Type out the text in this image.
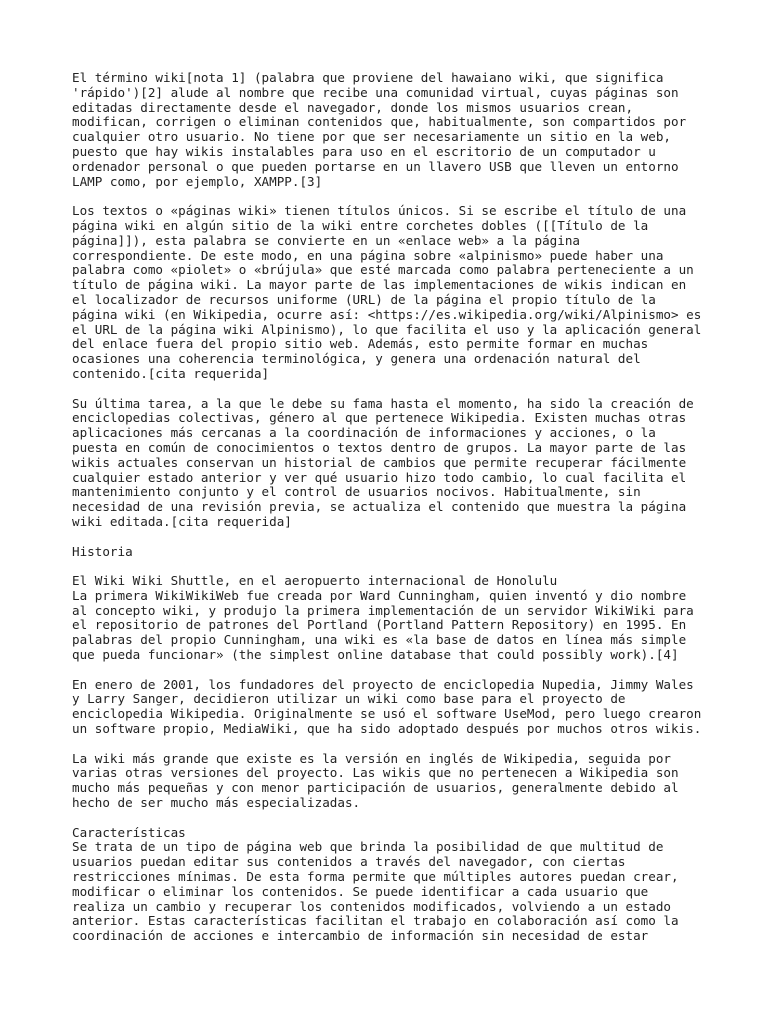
El término wiki[nota 1] (palabra que proviene del hawaiano wiki, que significa
'rápido')[2] alude al nombre que recibe una comunidad virtual, cuyas páginas son
editadas directamente desde el navegador, donde los mismos usuarios crean,
modifican, corrigen o eliminan contenidos que, habitualmente, son compartidos por
cualquier otro usuario. No tiene por que ser necesariamente un sitio en la web,
puesto que hay wikis instalables para uso en el escritorio de un computador u
ordenador personal o que pueden portarse en un llavero USB que lleven un entorno
LAMP como, por ejemplo, XAMPP.[3]
Los textos o «páginas wiki» tienen títulos únicos. Si se escribe el título de una
página wiki en algún sitio de la wiki entre corchetes dobles ([[Título de la
página]]), esta palabra se convierte en un «enlace web» a la página
correspondiente. De este modo, en una página sobre «alpinismo» puede haber una
palabra como «piolet» o «brújula» que esté marcada como palabra perteneciente a un
título de página wiki. La mayor parte de las implementaciones de wikis indican en
el localizador de recursos uniforme (URL) de la página el propio título de la
página wiki (en Wikipedia, ocurre así: <https://es.wikipedia.org/wiki/Alpinismo> es
el URL de la página wiki Alpinismo), lo que facilita el uso y la aplicación general
del enlace fuera del propio sitio web. Además, esto permite formar en muchas
ocasiones una coherencia terminológica, y genera una ordenación natural del
contenido.[cita requerida]
Su última tarea, a la que le debe su fama hasta el momento, ha sido la creación de
enciclopedias colectivas, género al que pertenece Wikipedia. Existen muchas otras
aplicaciones más cercanas a la coordinación de informaciones y acciones, o la
puesta en común de conocimientos o textos dentro de grupos. La mayor parte de las
wikis actuales conservan un historial de cambios que permite recuperar fácilmente
cualquier estado anterior y ver qué usuario hizo todo cambio, lo cual facilita el
mantenimiento conjunto y el control de usuarios nocivos. Habitualmente, sin
necesidad de una revisión previa, se actualiza el contenido que muestra la página
wiki editada.[cita requerida]
Historia
El Wiki Wiki Shuttle, en el aeropuerto internacional de Honolulu
La primera WikiWikiWeb fue creada por Ward Cunningham, quien inventó y dio nombre
al concepto wiki, y produjo la primera implementación de un servidor WikiWiki para
el repositorio de patrones del Portland (Portland Pattern Repository) en 1995. En
palabras del propio Cunningham, una wiki es «la base de datos en línea más simple
que pueda funcionar» (the simplest online database that could possibly work).[4]
En enero de 2001, los fundadores del proyecto de enciclopedia Nupedia, Jimmy Wales
y Larry Sanger, decidieron utilizar un wiki como base para el proyecto de
enciclopedia Wikipedia. Originalmente se usó el software UseMod, pero luego crearon
un software propio, MediaWiki, que ha sido adoptado después por muchos otros wikis.
La wiki más grande que existe es la versión en inglés de Wikipedia, seguida por
varias otras versiones del proyecto. Las wikis que no pertenecen a Wikipedia son
mucho más pequeñas y con menor participación de usuarios, generalmente debido al
hecho de ser mucho más especializadas.
Características
Se trata de un tipo de página web que brinda la posibilidad de que multitud de
usuarios puedan editar sus contenidos a través del navegador, con ciertas
restricciones mínimas. De esta forma permite que múltiples autores puedan crear,
modificar o eliminar los contenidos. Se puede identificar a cada usuario que
realiza un cambio y recuperar los contenidos modificados, volviendo a un estado
anterior. Estas características facilitan el trabajo en colaboración así como la
coordinación de acciones e intercambio de información sin necesidad de estar
